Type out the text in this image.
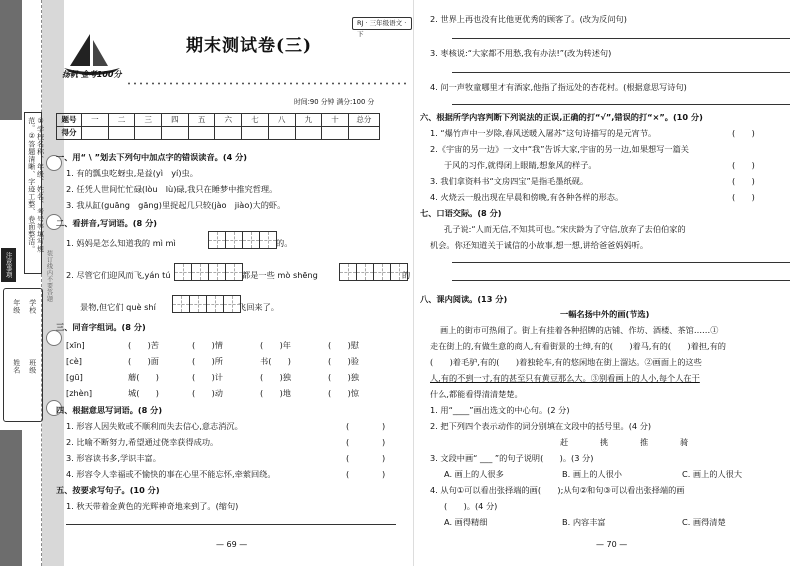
①学校名称、年级、姓名、考号等填写规范。②答题清晰、字迹工整、卷面整洁。
注意事项
学校
班级
年级
姓名
装订线内不要答题
RJ · 三年级语文 · 下
扬帆 金考100分
期末测试卷(三)
时间:90 分钟 满分:100 分
题号	一	二	三	四	五	六	七	八	九	十	总分
得分											
一、用“ \ ”划去下列句中加点字的错误读音。(4 分)
1. 有的瓢虫吃蚜虫,是益(yì　yí)虫。
2. 任凭人世间忙忙碌(lòu　lù)碌,我只在睡梦中推究哲理。
3. 我从缸(guāng　gāng)里捉起几只较(jào　jiào)大的虾。
二、看拼音,写词语。(8 分)
1. 妈妈是怎么知道我的 mì mì	的。
2. 尽管它们迎风而飞,yán tú	都是一些 mò shēng	的
景物,但它们 què shí	飞回来了。
三、同音字组词。(8 分)
[xīn]	(　　)苦	(　　)情	(　　)年	(　　)慰
[cè]	(　　)面	(　　)所	书(　　)	(　　)验
[gū]	蘑(　　)	(　　)计	(　　)独	(　　)独
[zhèn]	城(　　)	(　　)动	(　　)地	(　　)惊
四、根据意思写词语。(8 分)
1. 形容人因失败或不顺利而失去信心,意志消沉。	(　　　　)
2. 比喻不断努力,希望通过侥幸获得成功。	(　　　　)
3. 形容读书多,学识丰富。	(　　　　)
4. 形容令人幸福或不愉快的事在心里不能忘怀,牵萦回绕。	(　　　　)
五、按要求写句子。(10 分)
1. 秋天带着金黄色的光辉神奇地来到了。(缩句)
— 69 —
2. 世界上再也没有比他更优秀的顾客了。(改为反问句)
3. 枣核说:“大家都不用愁,我有办法!”(改为转述句)
4. 问一声牧童哪里才有酒家,他指了指远处的杏花村。(根据意思写诗句)
六、根据所学内容判断下列说法的正误,正确的打“√”,错误的打“×”。(10 分)
1. “爆竹声中一岁除,春风送暖入屠苏”这句诗描写的是元宵节。	(　　)
2.《宇宙的另一边》一文中“我”告诉大家,宇宙的另一边,如果想写一篇关
于风的习作,就得闭上眼睛,想象风的样子。	(　　)
3. 我们拿资料书“文房四宝”是指毛墨纸砚。	(　　)
4. 火烧云一般出现在早晨和傍晚,有各种各样的形态。	(　　)
七、口语交际。(8 分)
孔子说:“人而无信,不知其可也。”宋庆龄为了守信,放弃了去伯伯家的
机会。你还知道关于诚信的小故事,想一想,讲给爸爸妈妈听。
八、课内阅读。(13 分)
一幅名扬中外的画(节选)
画上的街市可热闹了。街上有挂着各种招牌的店铺、作坊、酒楼、茶馆……①
走在街上的,有做生意的商人,有看街景的士绅,有的(　　)着马,有的(　　)着担,有的
(　　)着毛驴,有的(　　)着独轮车,有的悠闲地在街上溜达。②画面上的这些
人,有的不到一寸,有的甚至只有黄豆那么大。③别看画上的人小,每个人在干
什么,都能看得清清楚楚。
1. 用“____”画出选文的中心句。(2 分)
2. 把下列四个表示动作的词分别填在文段中的括号里。(4 分)
赶	挑	推	骑
3. 文段中画“ ___ ”的句子说明(　　)。(3 分)
A. 画上的人很多	B. 画上的人很小	C. 画上的人很大
4. 从句①可以看出张择端的画(　　);从句②和句③可以看出张择端的画
(　　)。(4 分)
A. 画得精细	B. 内容丰富	C. 画得清楚
— 70 —
